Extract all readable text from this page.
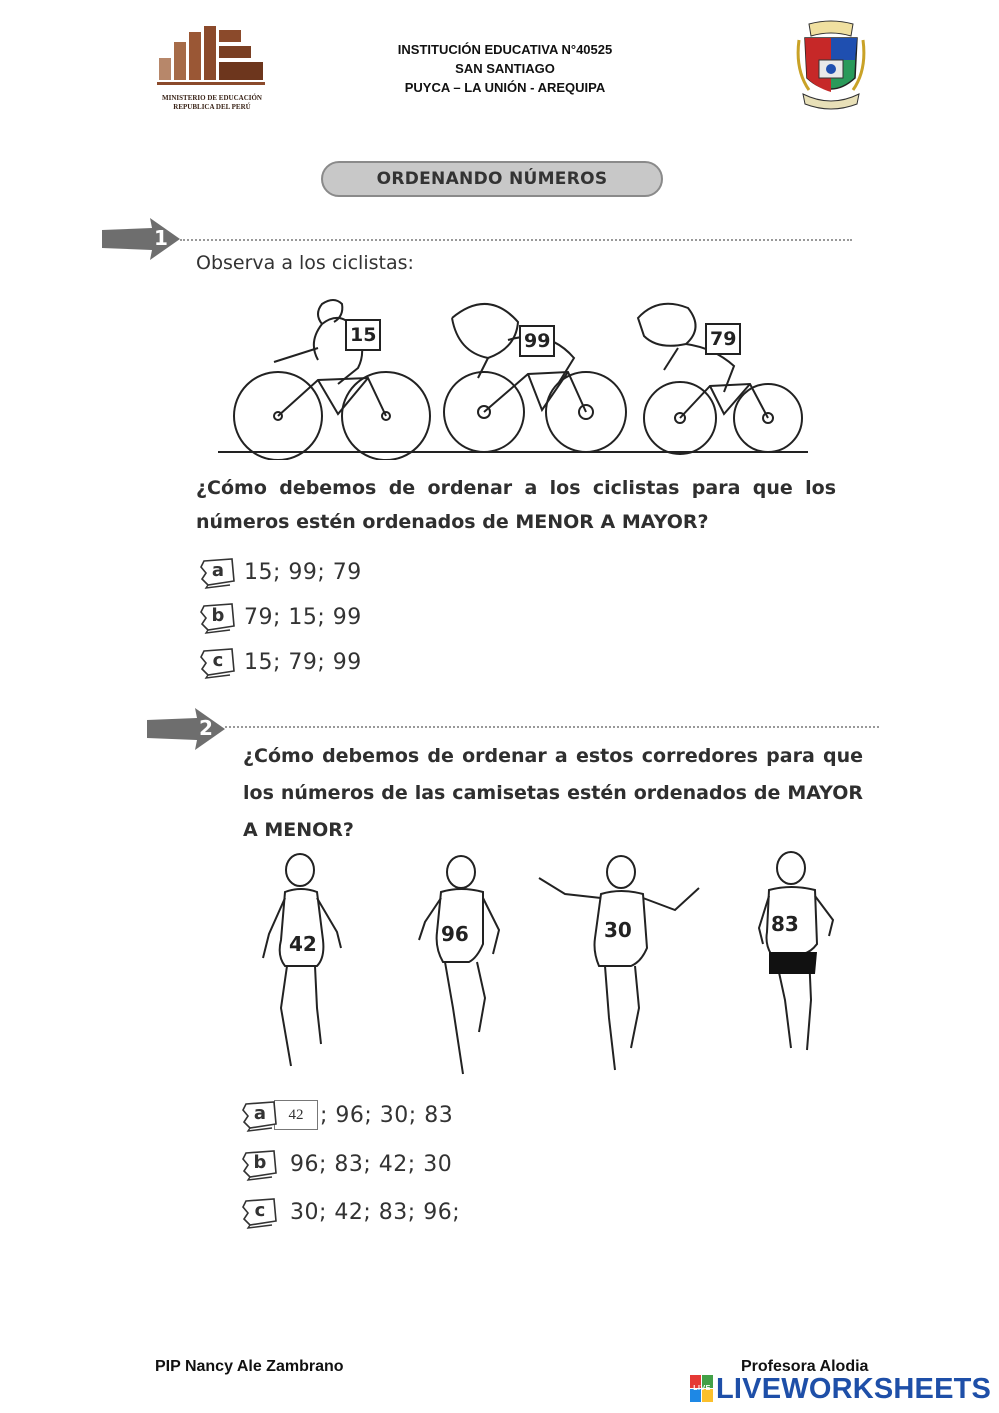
MINISTERIO DE EDUCACIÓN
REPUBLICA DEL PERÚ
INSTITUCIÓN EDUCATIVA N°40525
SAN SANTIAGO
PUYCA – LA UNIÓN - AREQUIPA
ORDENANDO NÚMEROS
1
Observa a los ciclistas:
15	99	79
¿Cómo debemos de ordenar a los ciclistas para que los números estén ordenados de MENOR A MAYOR?
a 15; 99; 79
b 79; 15; 99
c 15; 79; 99
2
¿Cómo debemos de ordenar a estos corredores para que los números de las camisetas estén ordenados de MAYOR A MENOR?
42	96	30	83
a	42 ; 96; 30; 83
b	96; 83; 42; 30
c	30; 42; 83; 96;
PIP Nancy Ale Zambrano	Profesora Alodia
LIVE LIVEWORKSHEETS
